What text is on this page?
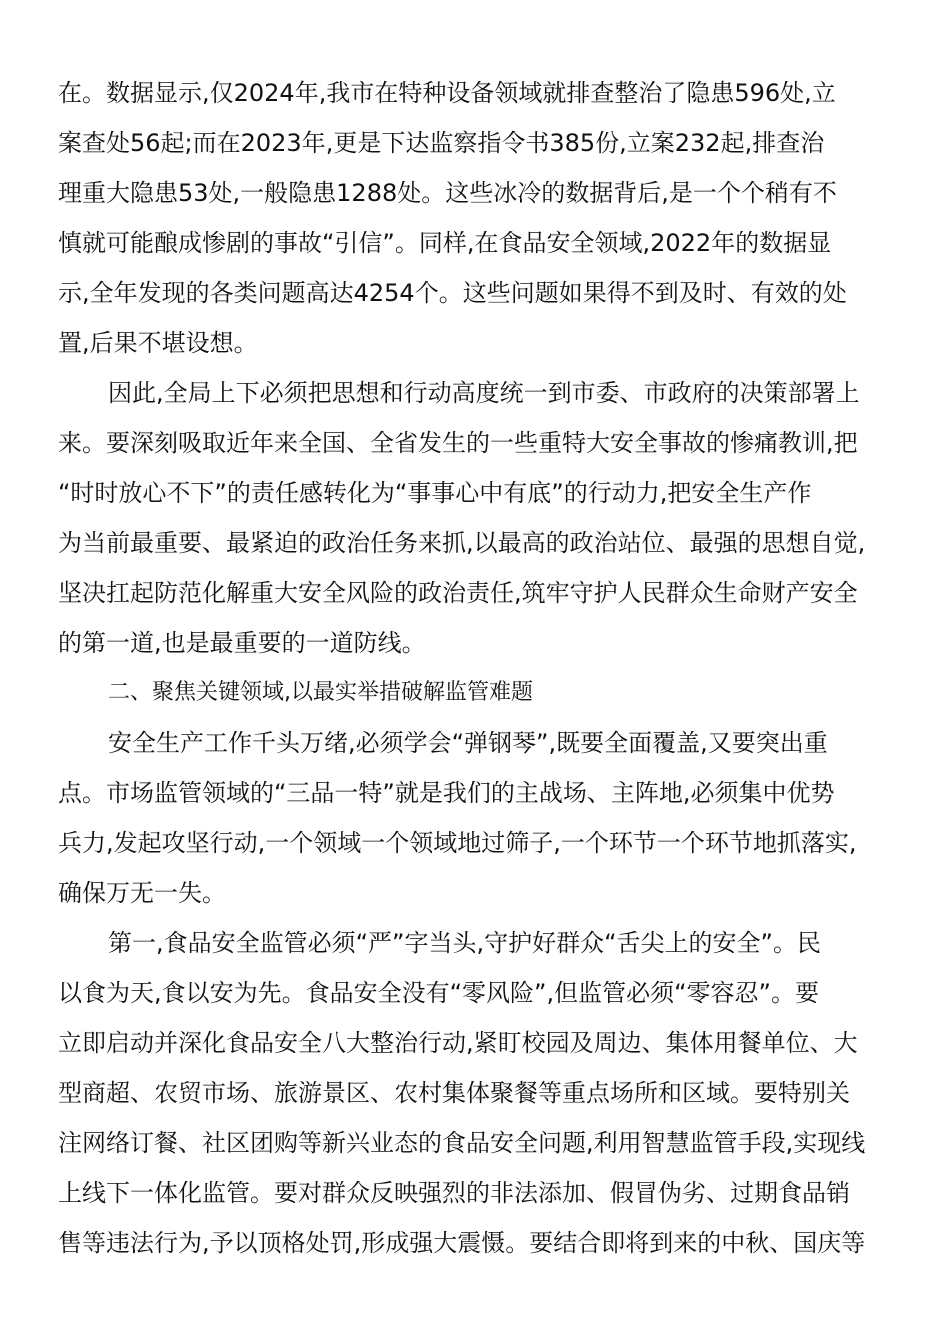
在。数据显示,仅2024年,我市在特种设备领域就排查整治了隐患596处,立
案查处56起;而在2023年,更是下达监察指令书385份,立案232起,排查治
理重大隐患53处,一般隐患1288处。这些冰冷的数据背后,是一个个稍有不
慎就可能酿成惨剧的事故“引信”。同样,在食品安全领域,2022年的数据显
示,全年发现的各类问题高达4254个。这些问题如果得不到及时、有效的处
置,后果不堪设想。
因此,全局上下必须把思想和行动高度统一到市委、市政府的决策部署上
来。要深刻吸取近年来全国、全省发生的一些重特大安全事故的惨痛教训,把
“时时放心不下”的责任感转化为“事事心中有底”的行动力,把安全生产作
为当前最重要、最紧迫的政治任务来抓,以最高的政治站位、最强的思想自觉,
坚决扛起防范化解重大安全风险的政治责任,筑牢守护人民群众生命财产安全
的第一道,也是最重要的一道防线。
二、聚焦关键领域,以最实举措破解监管难题
安全生产工作千头万绪,必须学会“弹钢琴”,既要全面覆盖,又要突出重
点。市场监管领域的“三品一特”就是我们的主战场、主阵地,必须集中优势
兵力,发起攻坚行动,一个领域一个领域地过筛子,一个环节一个环节地抓落实,
确保万无一失。
第一,食品安全监管必须“严”字当头,守护好群众“舌尖上的安全”。民
以食为天,食以安为先。食品安全没有“零风险”,但监管必须“零容忍”。要
立即启动并深化食品安全八大整治行动,紧盯校园及周边、集体用餐单位、大
型商超、农贸市场、旅游景区、农村集体聚餐等重点场所和区域。要特别关
注网络订餐、社区团购等新兴业态的食品安全问题,利用智慧监管手段,实现线
上线下一体化监管。要对群众反映强烈的非法添加、假冒伪劣、过期食品销
售等违法行为,予以顶格处罚,形成强大震慑。要结合即将到来的中秋、国庆等
